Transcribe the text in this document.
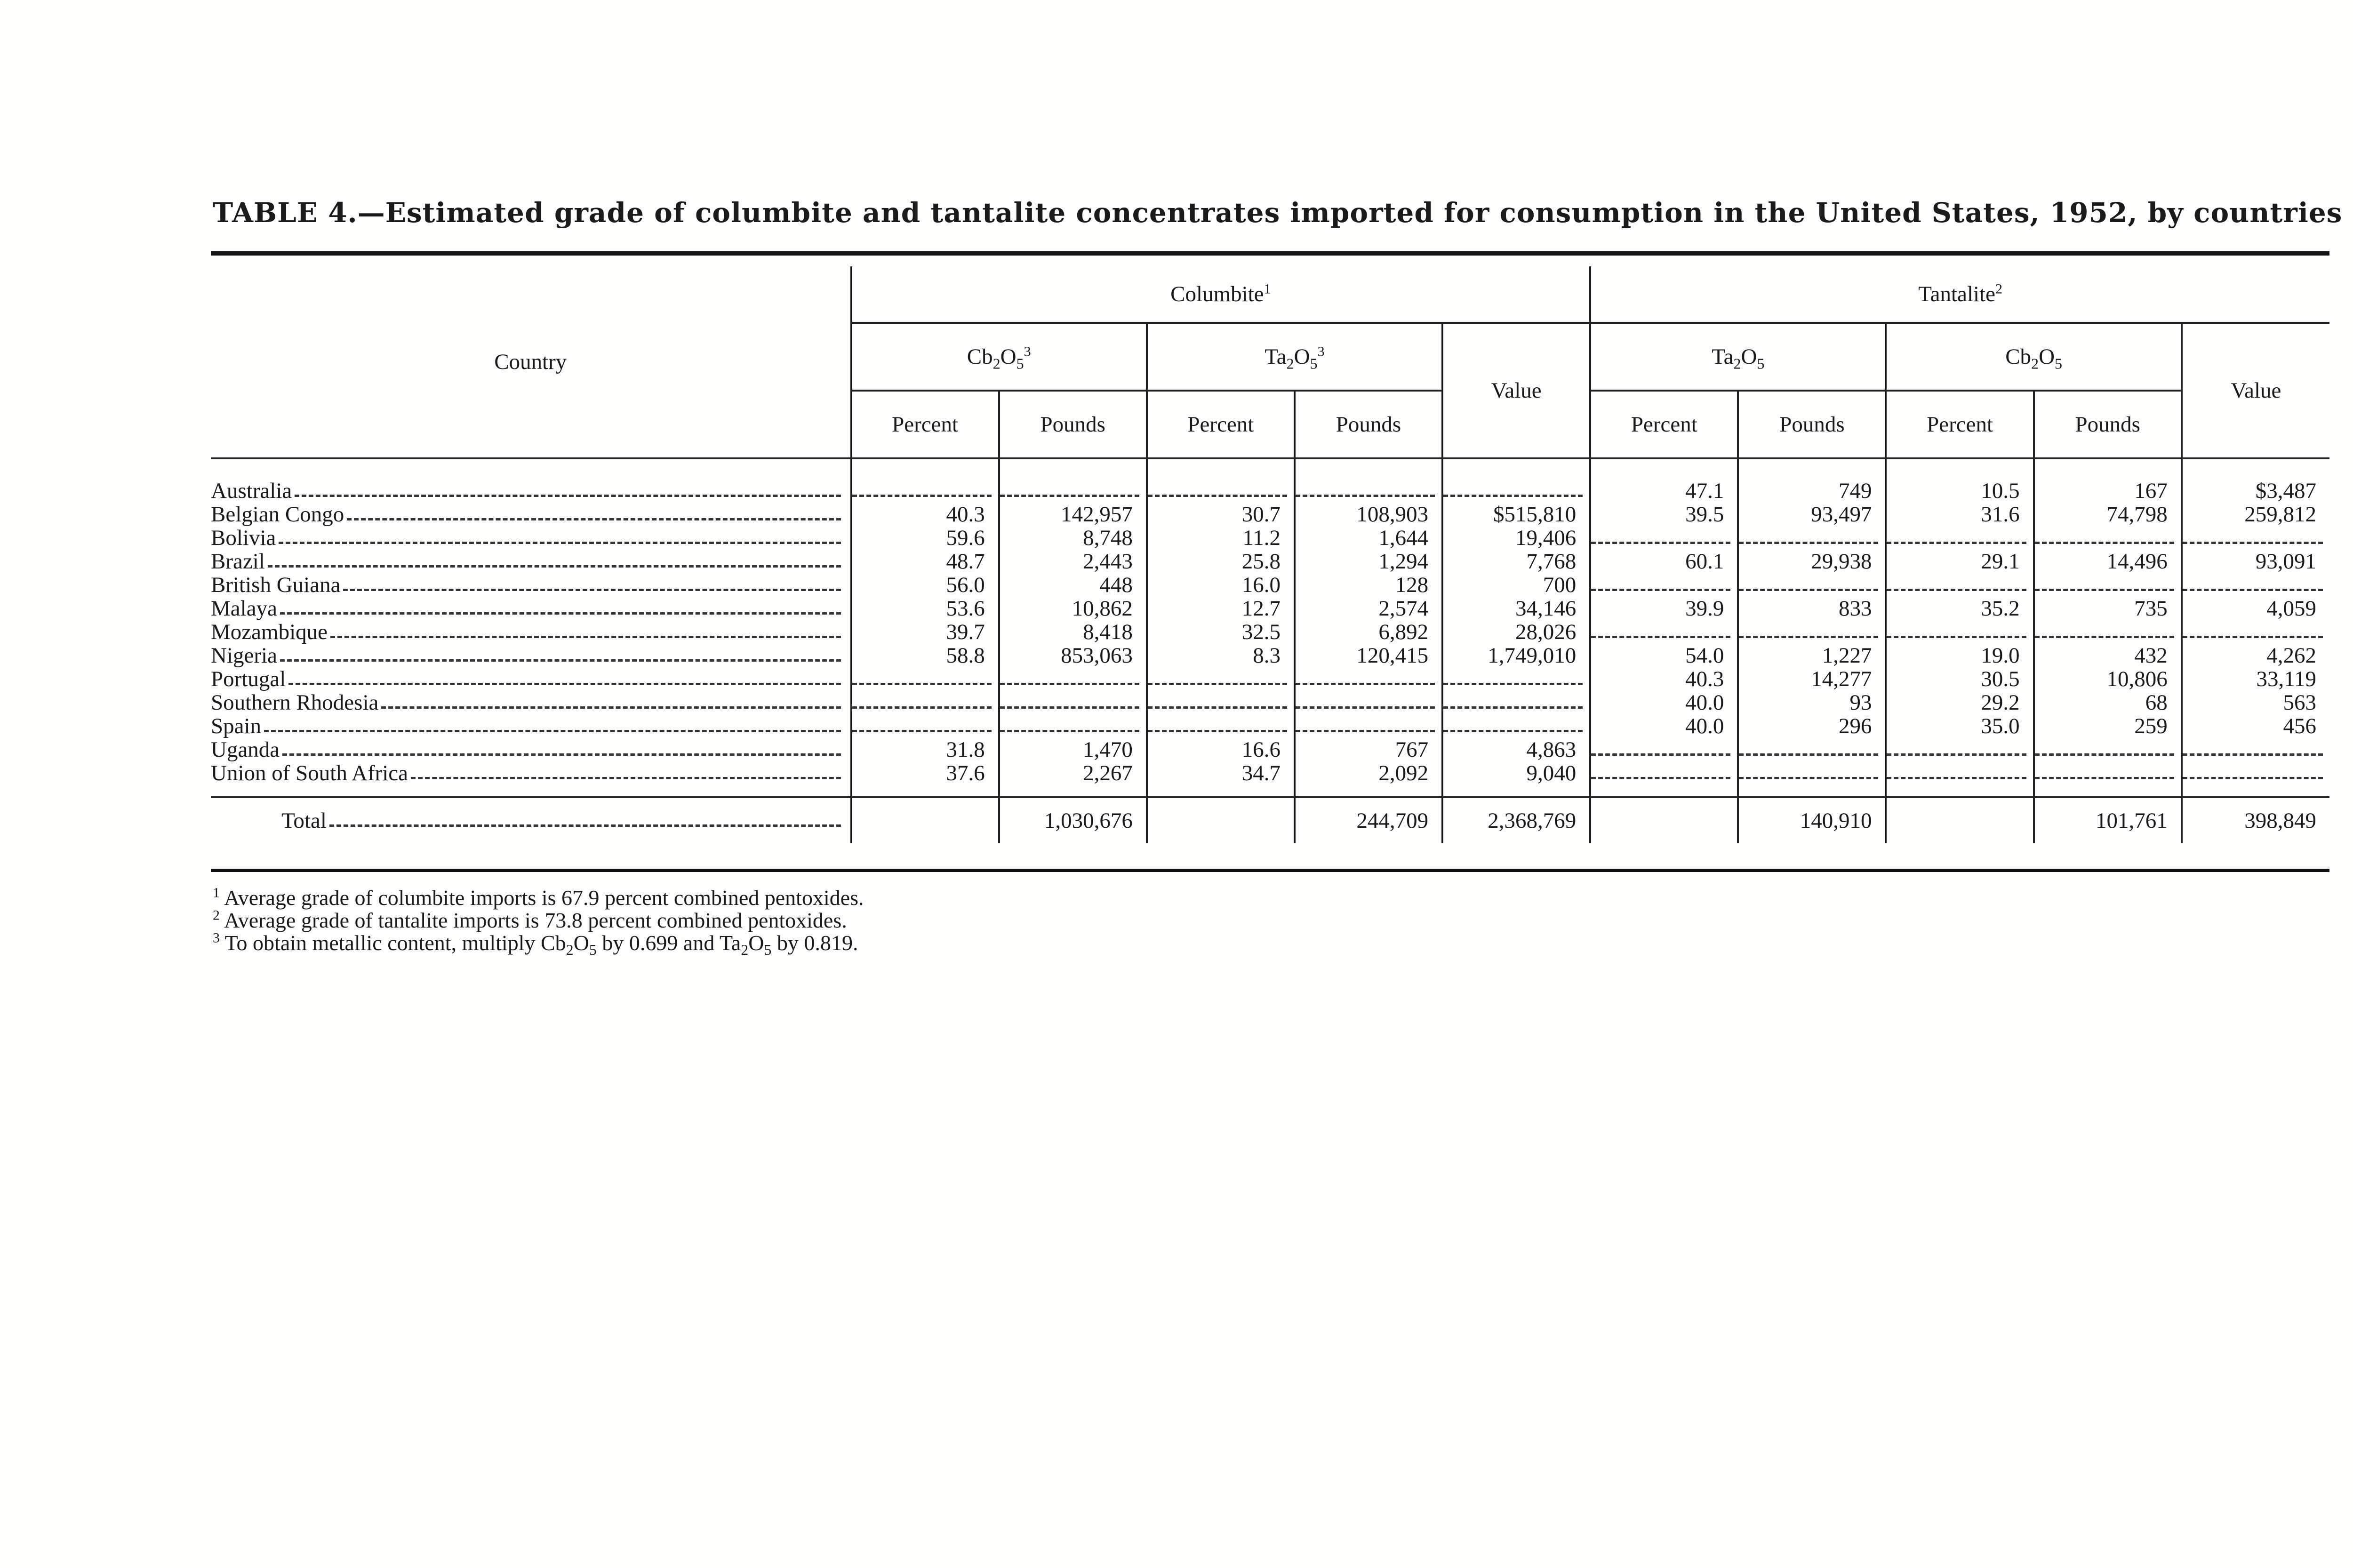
TABLE 4.—Estimated grade of columbite and tantalite concentrates imported for consumption in the United States, 1952, by countries
Country	Columbite$^1$					Tantalite$^2$
	$Cb_2O_5^3$		$Ta_2O_5^3$		Value	$Ta_2O_5$		$Cb_2O_5$		Value
	Percent	Pounds	Percent	Pounds		Percent	Pounds	Percent	Pounds	

Australia						47.1	749	10.5	167	$3,487

Belgian Congo	40.3	142,957	30.7	108,903	$515,810	39.5	93,497	31.6	74,798	259,812

Bolivia	59.6	8,748	11.2	1,644	19,406	

Brazil	48.7	2,443	25.8	1,294	7,768	60.1	29,938	29.1	14,496	93,091

British Guiana	56.0	448	16.0	128	700	

Malaya	53.6	10,862	12.7	2,574	34,146	39.9	833	35.2	735	4,059

Mozambique	39.7	8,418	32.5	6,892	28,026	

Nigeria	58.8	853,063	8.3	120,415	1,749,010	54.0	1,227	19.0	432	4,262

Portugal						40.3	14,277	30.5	10,806	33,119

Southern Rhodesia						40.0	93	29.2	68	563

Spain						40.0	296	35.0	259	456

Uganda	31.8	1,470	16.6	767	4,863	

Union of South Africa	37.6	2,267	34.7	2,092	9,040	

Total		1,030,676		244,709	2,368,769		140,910		101,761	398,849
$^1$ Average grade of columbite imports is 67.9 percent combined pentoxides.
$^2$ Average grade of tantalite imports is 73.8 percent combined pentoxides.
$^3$ To obtain metallic content, multiply $Cb_2O_5$ by 0.699 and $Ta_2O_5$ by 0.819.
